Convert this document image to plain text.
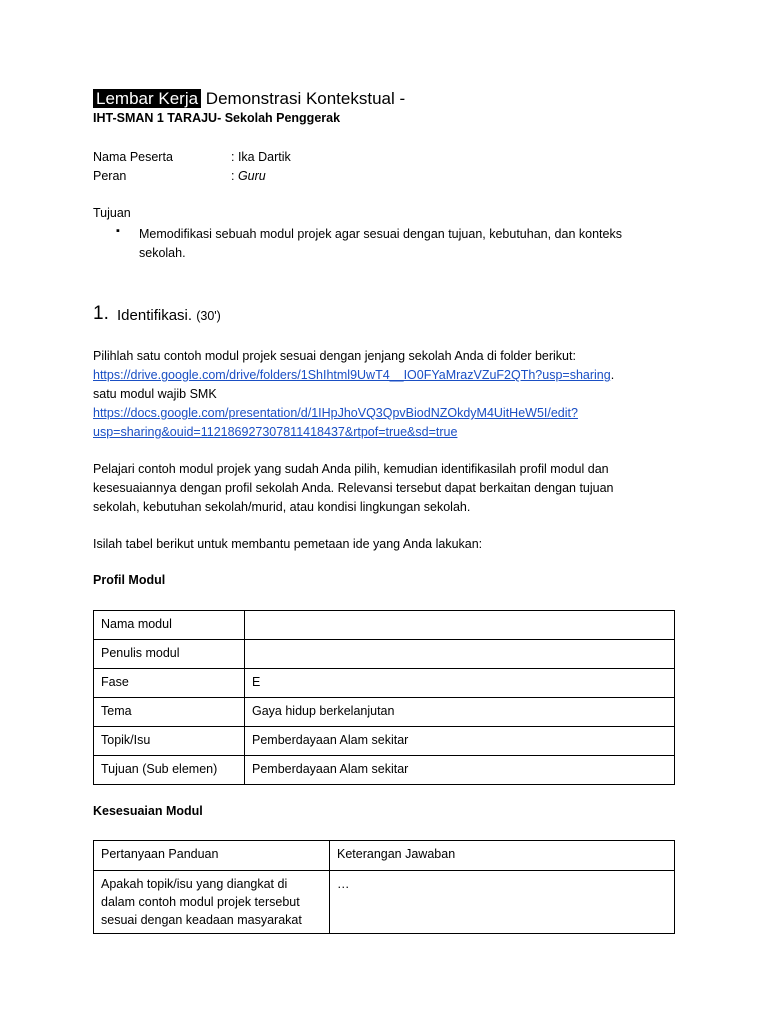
Lembar Kerja Demonstrasi Kontekstual -
IHT-SMAN 1 TARAJU- Sekolah Penggerak
Nama Peserta	: Ika Dartik
Peran	: Guru
Tujuan
▪ Memodifikasi sebuah modul projek agar sesuai dengan tujuan, kebutuhan, dan konteks sekolah.
1. Identifikasi. (30')
Pilihlah satu contoh modul projek sesuai dengan jenjang sekolah Anda di folder berikut:
https://drive.google.com/drive/folders/1ShIhtml9UwT4__IO0FYaMrazVZuF2QTh?usp=sharing.
satu modul wajib SMK
https://docs.google.com/presentation/d/1IHpJhoVQ3QpvBiodNZOkdyM4UitHeW5I/edit?
usp=sharing&ouid=112186927307811418437&rtpof=true&sd=true
Pelajari contoh modul projek yang sudah Anda pilih, kemudian identifikasilah profil modul dan kesesuaiannya dengan profil sekolah Anda. Relevansi tersebut dapat berkaitan dengan tujuan sekolah, kebutuhan sekolah/murid, atau kondisi lingkungan sekolah.
Isilah tabel berikut untuk membantu pemetaan ide yang Anda lakukan:
Profil Modul
Nama modul	
Penulis modul	
Fase	E
Tema	Gaya hidup berkelanjutan
Topik/Isu	Pemberdayaan Alam sekitar
Tujuan (Sub elemen)	Pemberdayaan Alam sekitar
Kesesuaian Modul
Pertanyaan Panduan	Keterangan Jawaban
Apakah topik/isu yang diangkat di dalam contoh modul projek tersebut sesuai dengan keadaan masyarakat	…
